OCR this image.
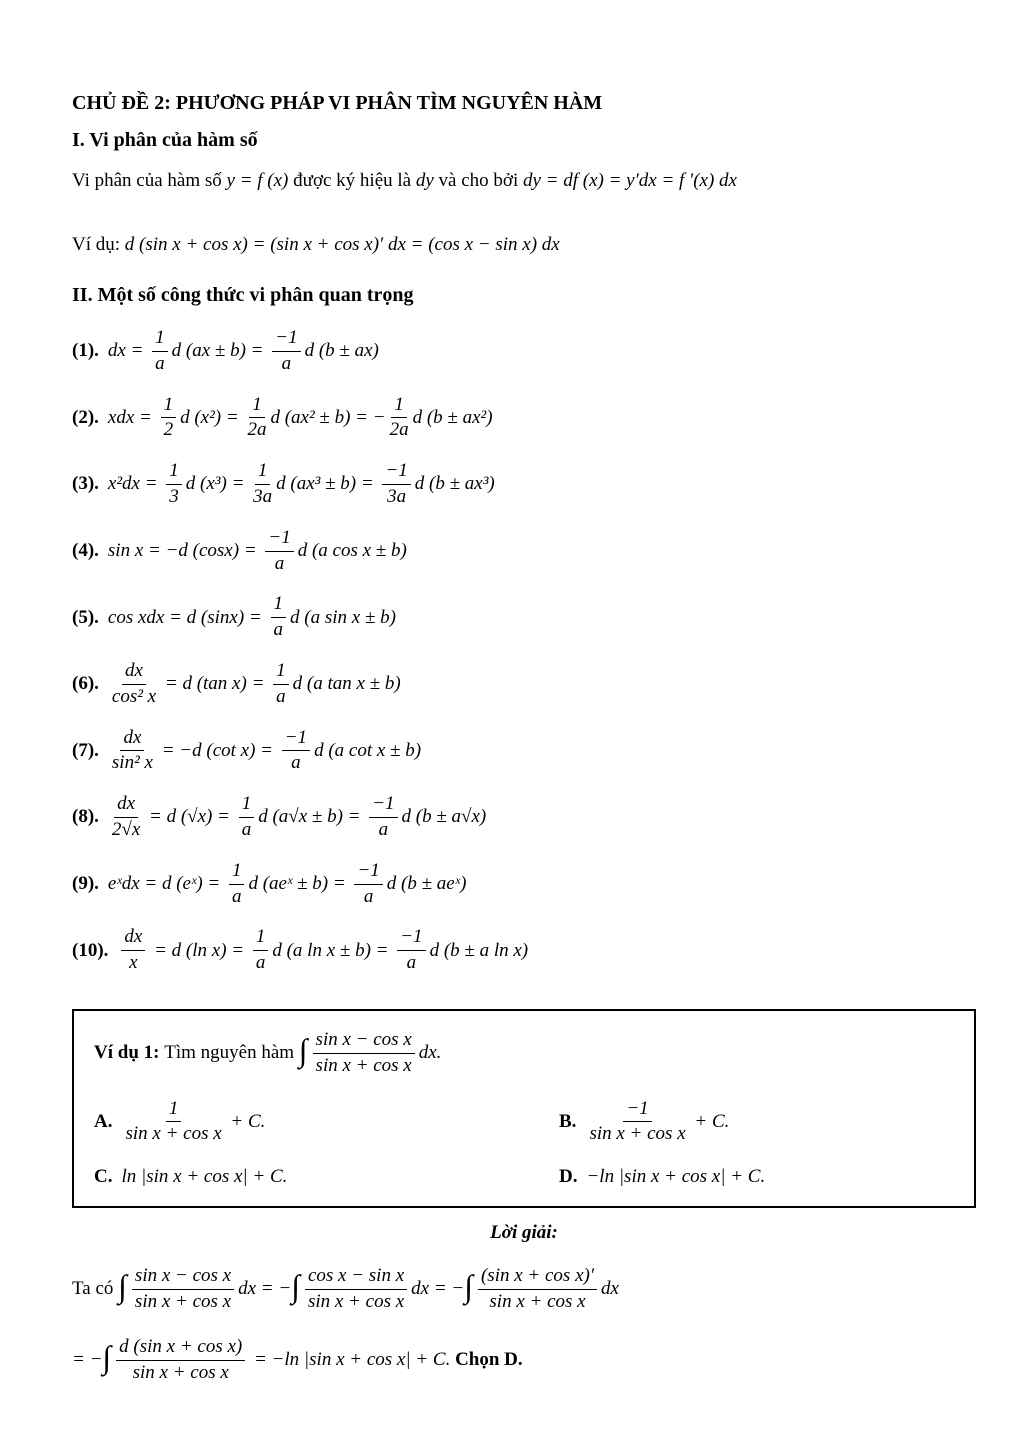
CHỦ ĐỀ 2: PHƯƠNG PHÁP VI PHÂN TÌM NGUYÊN HÀM
I. Vi phân của hàm số

Vi phân của hàm số y = f (x) được ký hiệu là dy và cho bởi dy = df (x) = y′dx = f ′(x) dx

Ví dụ: d (sin x + cos x) = (sin x + cos x)′ dx = (cos x − sin x) dx

II. Một số công thức vi phân quan trọng
(1). dx = $\frac{1}{a}$ d $(ax \pm b) = \frac{-1}{a}$ d (b ± ax)
(2). xdx = $\frac{1}{2}$ d $(x^2) = \frac{1}{2a}$ d (ax² ± b) = − $\frac{1}{2a}$ d (b ± ax²)
(3). $x^2dx = \frac{1}{3}$ d $(x^3) = \frac{1}{3a}$ d $(ax^3 \pm b) = \frac{-1}{3a}$ d (b ± ax³)
(4). sin x = −d $(\cos x) = \frac{-1}{a}$ d (a cos x ± b)
(5). cos xdx = d $(\sin x) = \frac{1}{a}$ d (a sin x ± b)
(6). $\frac{dx}{\text{cos² x}} = d$ (tan $x) = \frac{1}{a}$ d (a tan x ± b)
(7). $\frac{dx}{\text{sin² x}} = -d$ (cot $x) = \frac{-1}{a}$ d (a cot x ± b)
(8). $\frac{dx}{2√x} = d$ $(√x) = \frac{1}{a}$ d $(a√x \pm b) = \frac{-1}{a}$ d (b ± a√x)
(9). eˣdx = d (eˣ) = $\frac{1}{a}$ d (aeˣ ± $b) = \frac{-1}{a}$ d (b ± aeˣ)
(10). $\frac{dx}{x} = d$ (ln $x) = \frac{1}{a}$ d (a $\ln x \pm b) = \frac{-1}{a}$ d (b ± a ln x)

Ví dụ 1: Tìm nguyên hàm ∫ $\frac{\text{sin x − cos x}}{\text{sin x + cos x}}$ dx.

A. $\frac{1}{\text{sin x + cos x}} + C$.	B. $\frac{-1}{\text{sin x + cos x}} + C$.
C. ln |sin x + cos x| + C.	D. −ln |sin x + cos x| + C.
Lời giải:

Ta có ∫ $\frac{\text{sin x − cos x}}{\text{sin x + cos x}}$ dx = − ∫ $\frac{\text{cos x − sin x}}{\text{sin x + cos x}}$ dx = − ∫ $\frac{\text{(sin x + cos x)′}}{\text{sin x + cos x}}$ dx

= − ∫ $\frac{\text{d (sin x + cos x)}}{\text{sin x + cos x}} = -\ln$ |sin x + cos x| + C. Chọn D.
